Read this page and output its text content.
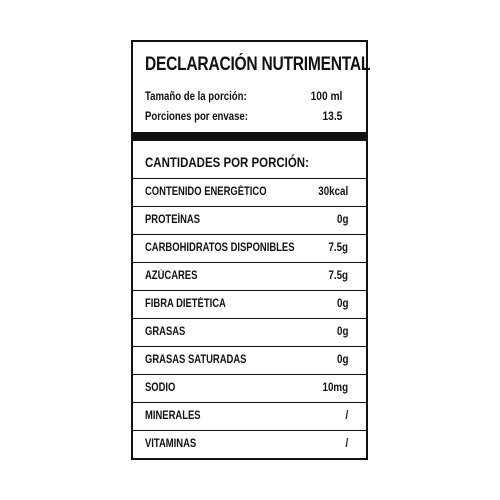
DECLARACIÓN NUTRIMENTAL
Tamaño de la porción:	100 ml
Porciones por envase:	13.5
CANTIDADES POR PORCIÓN:
CONTENIDO ENERGÉTICO	30kcal
PROTEÍNAS	0g
CARBOHIDRATOS DISPONIBLES	7.5g
AZÚCARES	7.5g
FIBRA DIETÉTICA	0g
GRASAS	0g
GRASAS SATURADAS	0g
SODIO	10mg
MINERALES	/
VITAMINAS	/
